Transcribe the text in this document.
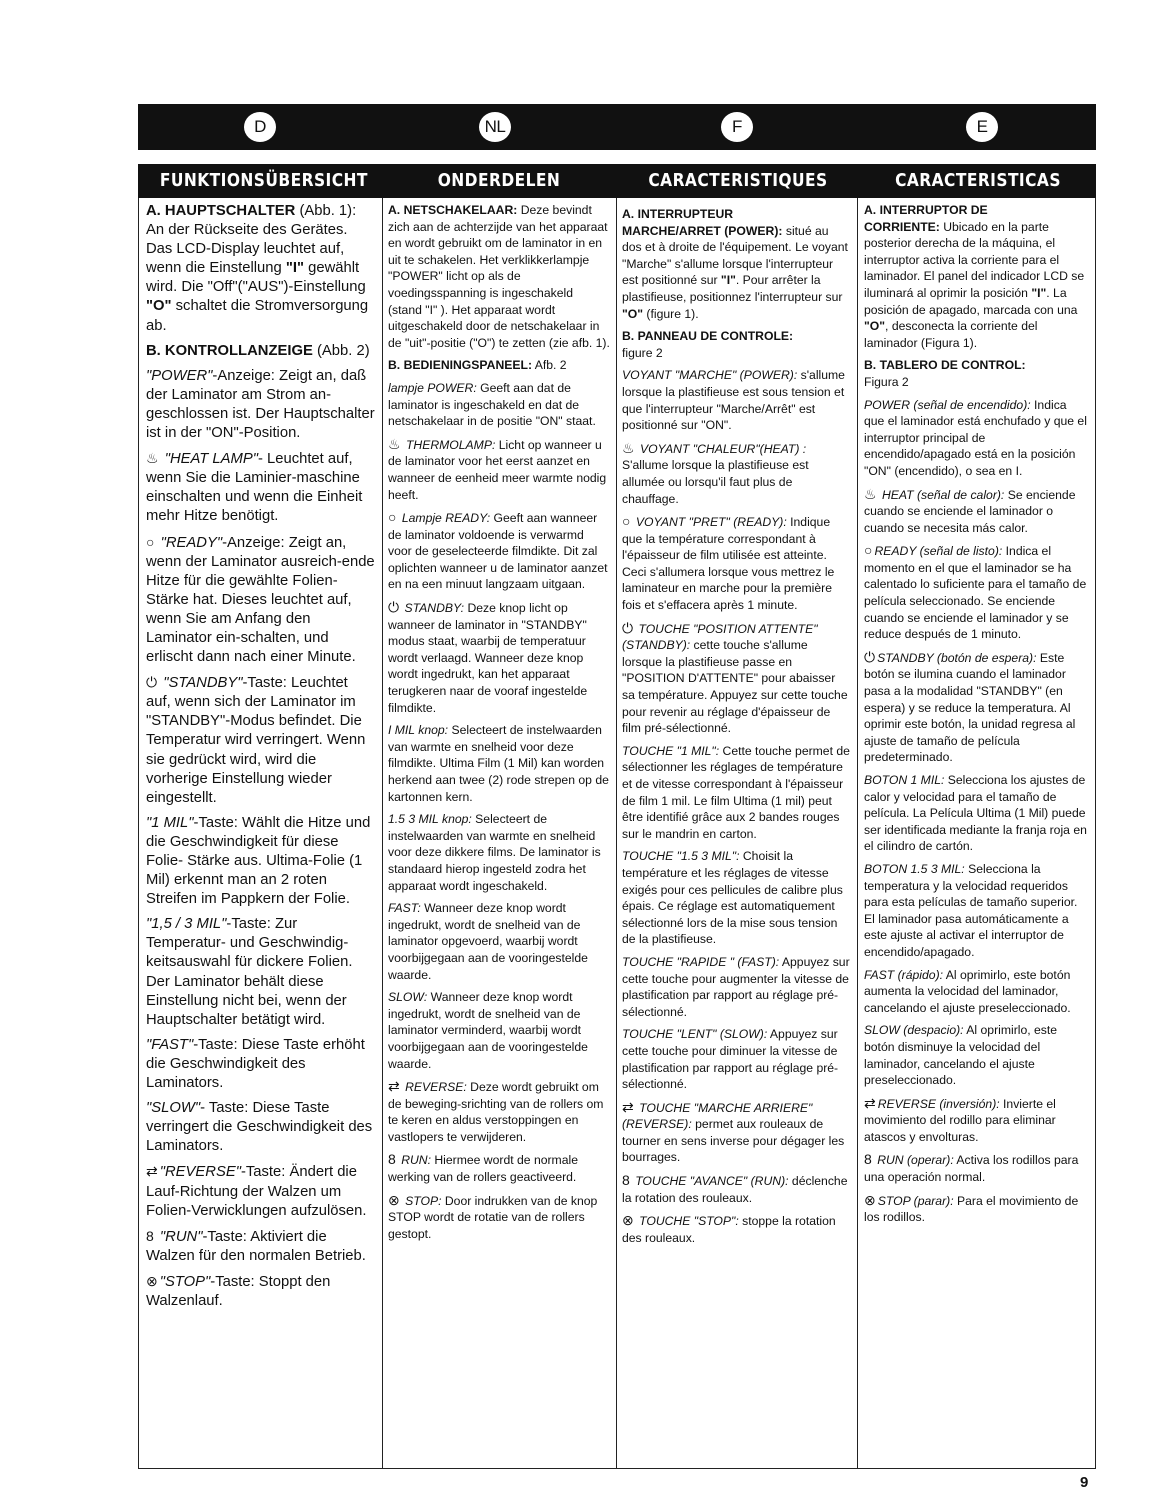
D	NL	F	E
FUNKTIONSÜBERSICHT	ONDERDELEN	CARACTERISTIQUES	CARACTERISTICAS

A. HAUPTSCHALTER (Abb. 1): An der Rückseite des Gerätes. Das LCD-Display leuchtet auf, wenn die Einstellung "I" gewählt wird. Die "Off"("AUS")-Einstellung "O" schaltet die Stromversorgung ab.

B. KONTROLLANZEIGE (Abb. 2)

"POWER"-Anzeige: Zeigt an, daß der Laminator am Strom an-geschlossen ist. Der Hauptschalter ist in der "ON"-Position.

♨ "HEAT LAMP"- Leuchtet auf, wenn Sie die Laminier-maschine einschalten und wenn die Einheit mehr Hitze benötigt.

○ "READY"-Anzeige: Zeigt an, wenn der Laminator ausreich-ende Hitze für die gewählte Folien-Stärke hat. Dieses leuchtet auf, wenn Sie am Anfang den Laminator ein-schalten, und erlischt dann nach einer Minute.

⏻ "STANDBY"-Taste: Leuchtet auf, wenn sich der Laminator im "STANDBY"-Modus befindet. Die Temperatur wird verringert. Wenn sie gedrückt wird, wird die vorherige Einstellung wieder eingestellt.

"1 MIL"-Taste: Wählt die Hitze und die Geschwindigkeit für diese Folie- Stärke aus. Ultima-Folie (1 Mil) erkennt man an 2 roten Streifen im Pappkern der Folie.

"1,5 / 3 MIL"-Taste: Zur Temperatur- und Geschwindig-keitsauswahl für dickere Folien. Der Laminator behält diese Einstellung nicht bei, wenn der Hauptschalter betätigt wird.

"FAST"-Taste: Diese Taste erhöht die Geschwindigkeit des Laminators.

"SLOW"- Taste: Diese Taste verringert die Geschwindigkeit des Laminators.

⇄ "REVERSE"-Taste: Ändert die Lauf-Richtung der Walzen um Folien-Verwicklungen aufzulösen.

8 "RUN"-Taste: Aktiviert die Walzen für den normalen Betrieb.

⊗ "STOP"-Taste: Stoppt den Walzenlauf.

A. NETSCHAKELAAR: Deze bevindt zich aan de achterzijde van het apparaat en wordt gebruikt om de laminator in en uit te schakelen. Het verklikkerlampje "POWER" licht op als de voedingsspanning is ingeschakeld (stand "I" ). Het apparaat wordt uitgeschakeld door de netschakelaar in de "uit"-positie ("O") te zetten (zie afb. 1).

B. BEDIENINGSPANEEL: Afb. 2

lampje POWER: Geeft aan dat de laminator is ingeschakeld en dat de netschakelaar in de positie "ON" staat.

♨ THERMOLAMP: Licht op wanneer u de laminator voor het eerst aanzet en wanneer de eenheid meer warmte nodig heeft.

○ Lampje READY: Geeft aan wanneer de laminator voldoende is verwarmd voor de geselecteerde filmdikte. Dit zal oplichten wanneer u de laminator aanzet en na een minuut langzaam uitgaan.

⏻ STANDBY: Deze knop licht op wanneer de laminator in "STANDBY" modus staat, waarbij de temperatuur wordt verlaagd. Wanneer deze knop wordt ingedrukt, kan het apparaat terugkeren naar de vooraf ingestelde filmdikte.

I MIL knop: Selecteert de instelwaarden van warmte en snelheid voor deze filmdikte. Ultima Film (1 Mil) kan worden herkend aan twee (2) rode strepen op de kartonnen kern.

1.5 3 MIL knop: Selecteert de instelwaarden van warmte en snelheid voor deze dikkere films. De laminator is standaard hierop ingesteld zodra het apparaat wordt ingeschakeld.

FAST: Wanneer deze knop wordt ingedrukt, wordt de snelheid van de laminator opgevoerd, waarbij wordt voorbijgegaan aan de vooringestelde waarde.

SLOW: Wanneer deze knop wordt ingedrukt, wordt de snelheid van de laminator verminderd, waarbij wordt voorbijgegaan aan de vooringestelde waarde.

⇄ REVERSE: Deze wordt gebruikt om de beweging-srichting van de rollers om te keren en aldus verstoppingen en vastlopers te verwijderen.

8 RUN: Hiermee wordt de normale werking van de rollers geactiveerd.

⊗ STOP: Door indrukken van de knop STOP wordt de rotatie van de rollers gestopt.

A. INTERRUPTEUR
MARCHE/ARRET (POWER): situé au dos et à droite de l'équipement. Le voyant "Marche" s'allume lorsque l'interrupteur est positionné sur "I". Pour arrêter la plastifieuse, positionnez l'interrupteur sur "O" (figure 1).

B. PANNEAU DE CONTROLE:
figure 2

VOYANT "MARCHE" (POWER): s'allume lorsque la plastifieuse est sous tension et que l'interrupteur "Marche/Arrêt" est positionné sur "ON".

♨ VOYANT "CHALEUR"(HEAT) : S'allume lorsque la plastifieuse est allumée ou lorsqu'il faut plus de chauffage.

○ VOYANT "PRET" (READY): Indique que la température correspondant à l'épaisseur de film utilisée est atteinte. Ceci s'allumera lorsque vous mettrez le laminateur en marche pour la première fois et s'effacera après 1 minute.

⏻ TOUCHE "POSITION ATTENTE" (STANDBY): cette touche s'allume lorsque la plastifieuse passe en "POSITION D'ATTENTE" pour abaisser sa température. Appuyez sur cette touche pour revenir au réglage d'épaisseur de film pré-sélectionné.

TOUCHE "1 MIL": Cette touche permet de sélectionner les réglages de température et de vitesse correspondant à l'épaisseur de film 1 mil. Le film Ultima (1 mil) peut être identifié grâce aux 2 bandes rouges sur le mandrin en carton.

TOUCHE "1.5 3 MIL": Choisit la température et les réglages de vitesse exigés pour ces pellicules de calibre plus épais. Ce réglage est automatiquement sélectionné lors de la mise sous tension de la plastifieuse.

TOUCHE "RAPIDE " (FAST): Appuyez sur cette touche pour augmenter la vitesse de plastification par rapport au réglage pré-sélectionné.

TOUCHE "LENT" (SLOW): Appuyez sur cette touche pour diminuer la vitesse de plastification par rapport au réglage pré-sélectionné.

⇄ TOUCHE "MARCHE ARRIERE" (REVERSE): permet aux rouleaux de tourner en sens inverse pour dégager les bourrages.

8 TOUCHE "AVANCE" (RUN): déclenche la rotation des rouleaux.

⊗ TOUCHE "STOP": stoppe la rotation des rouleaux.

A. INTERRUPTOR DE
CORRIENTE: Ubicado en la parte posterior derecha de la máquina, el interruptor activa la corriente para el laminador. El panel del indicador LCD se iluminará al oprimir la posición "I". La posición de apagado, marcada con una "O", desconecta la corriente del laminador (Figura 1).

B. TABLERO DE CONTROL:
Figura 2

POWER (señal de encendido): Indica que el laminador está enchufado y que el interruptor principal de encendido/apagado está en la posición "ON" (encendido), o sea en I.

♨ HEAT (señal de calor): Se enciende cuando se enciende el laminador o cuando se necesita más calor.

○ READY (señal de listo): Indica el momento en el que el laminador se ha calentado lo suficiente para el tamaño de película seleccionado. Se enciende cuando se enciende el laminador y se reduce después de 1 minuto.

⏻ STANDBY (botón de espera): Este botón se ilumina cuando el laminador pasa a la modalidad "STANDBY" (en espera) y se reduce la temperatura. Al oprimir este botón, la unidad regresa al ajuste de tamaño de película predeterminado.

BOTON 1 MIL: Selecciona los ajustes de calor y velocidad para el tamaño de película. La Película Ultima (1 Mil) puede ser identificada mediante la franja roja en el cilindro de cartón.

BOTON 1.5 3 MIL: Selecciona la temperatura y la velocidad requeridos para esta películas de tamaño superior. El laminador pasa automáticamente a este ajuste al activar el interruptor de encendido/apagado.

FAST (rápido): Al oprimirlo, este botón aumenta la velocidad del laminador, cancelando el ajuste preseleccionado.

SLOW (despacio): Al oprimirlo, este botón disminuye la velocidad del laminador, cancelando el ajuste preseleccionado.

⇄ REVERSE (inversión): Invierte el movimiento del rodillo para eliminar atascos y envolturas.

8 RUN (operar): Activa los rodillos para una operación normal.

⊗ STOP (parar): Para el movimiento de los rodillos.

9
